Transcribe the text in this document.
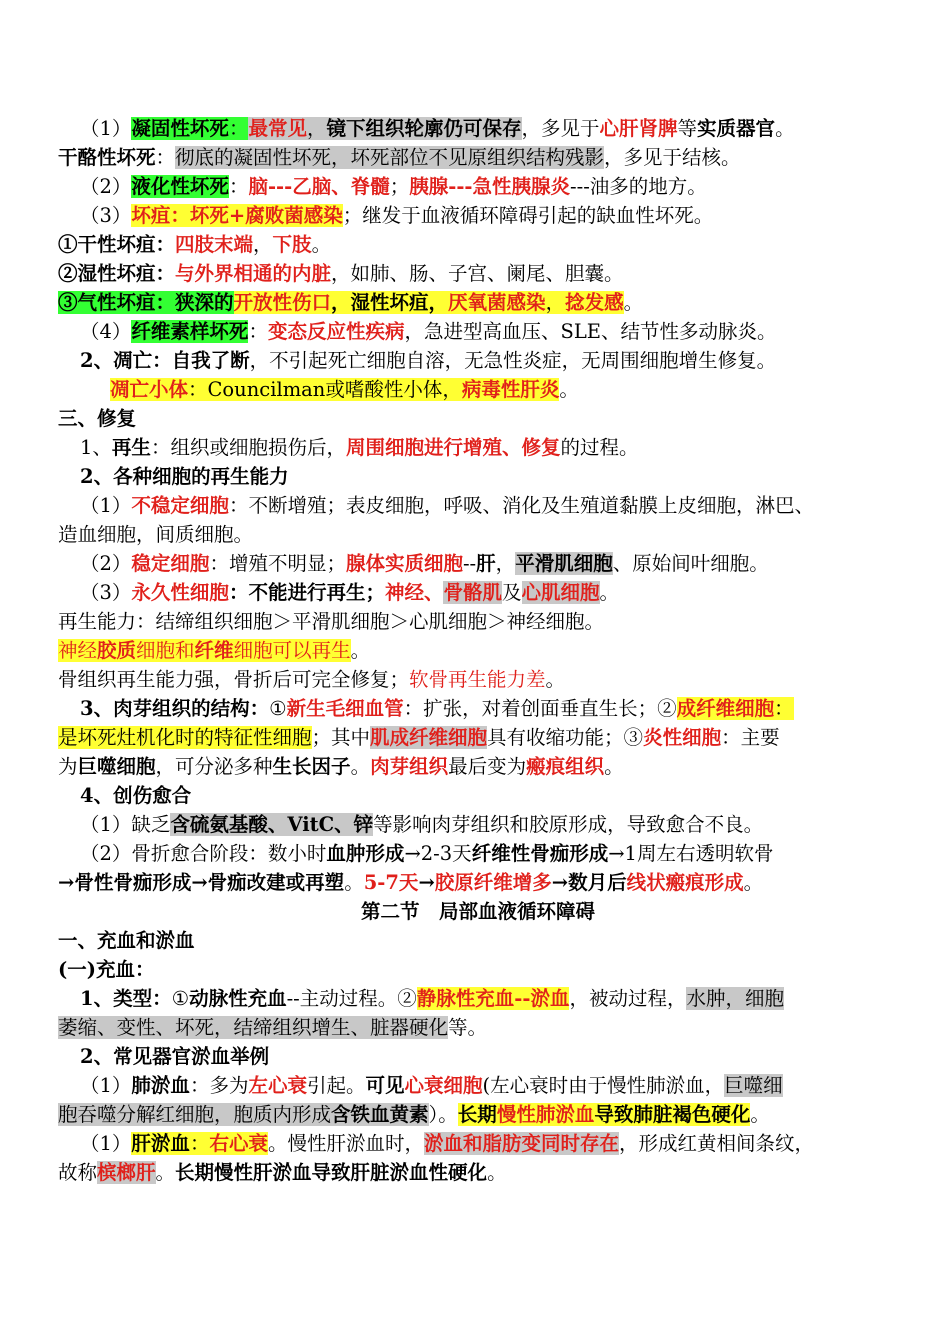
（1）凝固性坏死：最常见，镜下组织轮廓仍可保存，多见于心肝肾脾等实质器官。
干酪性坏死：彻底的凝固性坏死，坏死部位不见原组织结构残影，多见于结核。
（2）液化性坏死：脑---乙脑、脊髓；胰腺---急性胰腺炎---油多的地方。
（3）坏疽：坏死+腐败菌感染；继发于血液循环障碍引起的缺血性坏死。
①干性坏疽：四肢末端，下肢。
②湿性坏疽：与外界相通的内脏，如肺、肠、子宫、阑尾、胆囊。
③气性坏疽：狭深的开放性伤口，湿性坏疽，厌氧菌感染，捻发感。
（4）纤维素样坏死：变态反应性疾病，急进型高血压、SLE、结节性多动脉炎。
2、凋亡：自我了断，不引起死亡细胞自溶，无急性炎症，无周围细胞增生修复。
凋亡小体：Councilman或嗜酸性小体，病毒性肝炎。
三、修复
1、再生：组织或细胞损伤后，周围细胞进行增殖、修复的过程。
2、各种细胞的再生能力
（1）不稳定细胞：不断增殖；表皮细胞，呼吸、消化及生殖道黏膜上皮细胞，淋巴、
造血细胞，间质细胞。
（2）稳定细胞：增殖不明显；腺体实质细胞--肝，平滑肌细胞、原始间叶细胞。
（3）永久性细胞：不能进行再生；神经、骨骼肌及心肌细胞。
再生能力：结缔组织细胞＞平滑肌细胞＞心肌细胞＞神经细胞。
神经胶质细胞和纤维细胞可以再生。
骨组织再生能力强，骨折后可完全修复；软骨再生能力差。
3、肉芽组织的结构：①新生毛细血管：扩张，对着创面垂直生长；②成纤维细胞：
是坏死灶机化时的特征性细胞；其中肌成纤维细胞具有收缩功能；③炎性细胞：主要
为巨噬细胞，可分泌多种生长因子。肉芽组织最后变为瘢痕组织。
4、创伤愈合
（1）缺乏含硫氨基酸、VitC、锌等影响肉芽组织和胶原形成，导致愈合不良。
（2）骨折愈合阶段：数小时血肿形成→2-3天纤维性骨痂形成→1周左右透明软骨
→骨性骨痂形成→骨痂改建或再塑。5-7天→胶原纤维增多→数月后线状瘢痕形成。
第二节　局部血液循环障碍
一、充血和淤血
(一)充血：
1、类型：①动脉性充血--主动过程。②静脉性充血--淤血，被动过程，水肿，细胞
萎缩、变性、坏死，结缔组织增生、脏器硬化等。
2、常见器官淤血举例
（1）肺淤血：多为左心衰引起。可见心衰细胞(左心衰时由于慢性肺淤血，巨噬细
胞吞噬分解红细胞，胞质内形成含铁血黄素）。长期慢性肺淤血导致肺脏褐色硬化。
（1）肝淤血：右心衰。慢性肝淤血时，淤血和脂肪变同时存在，形成红黄相间条纹，
故称槟榔肝。长期慢性肝淤血导致肝脏淤血性硬化。
